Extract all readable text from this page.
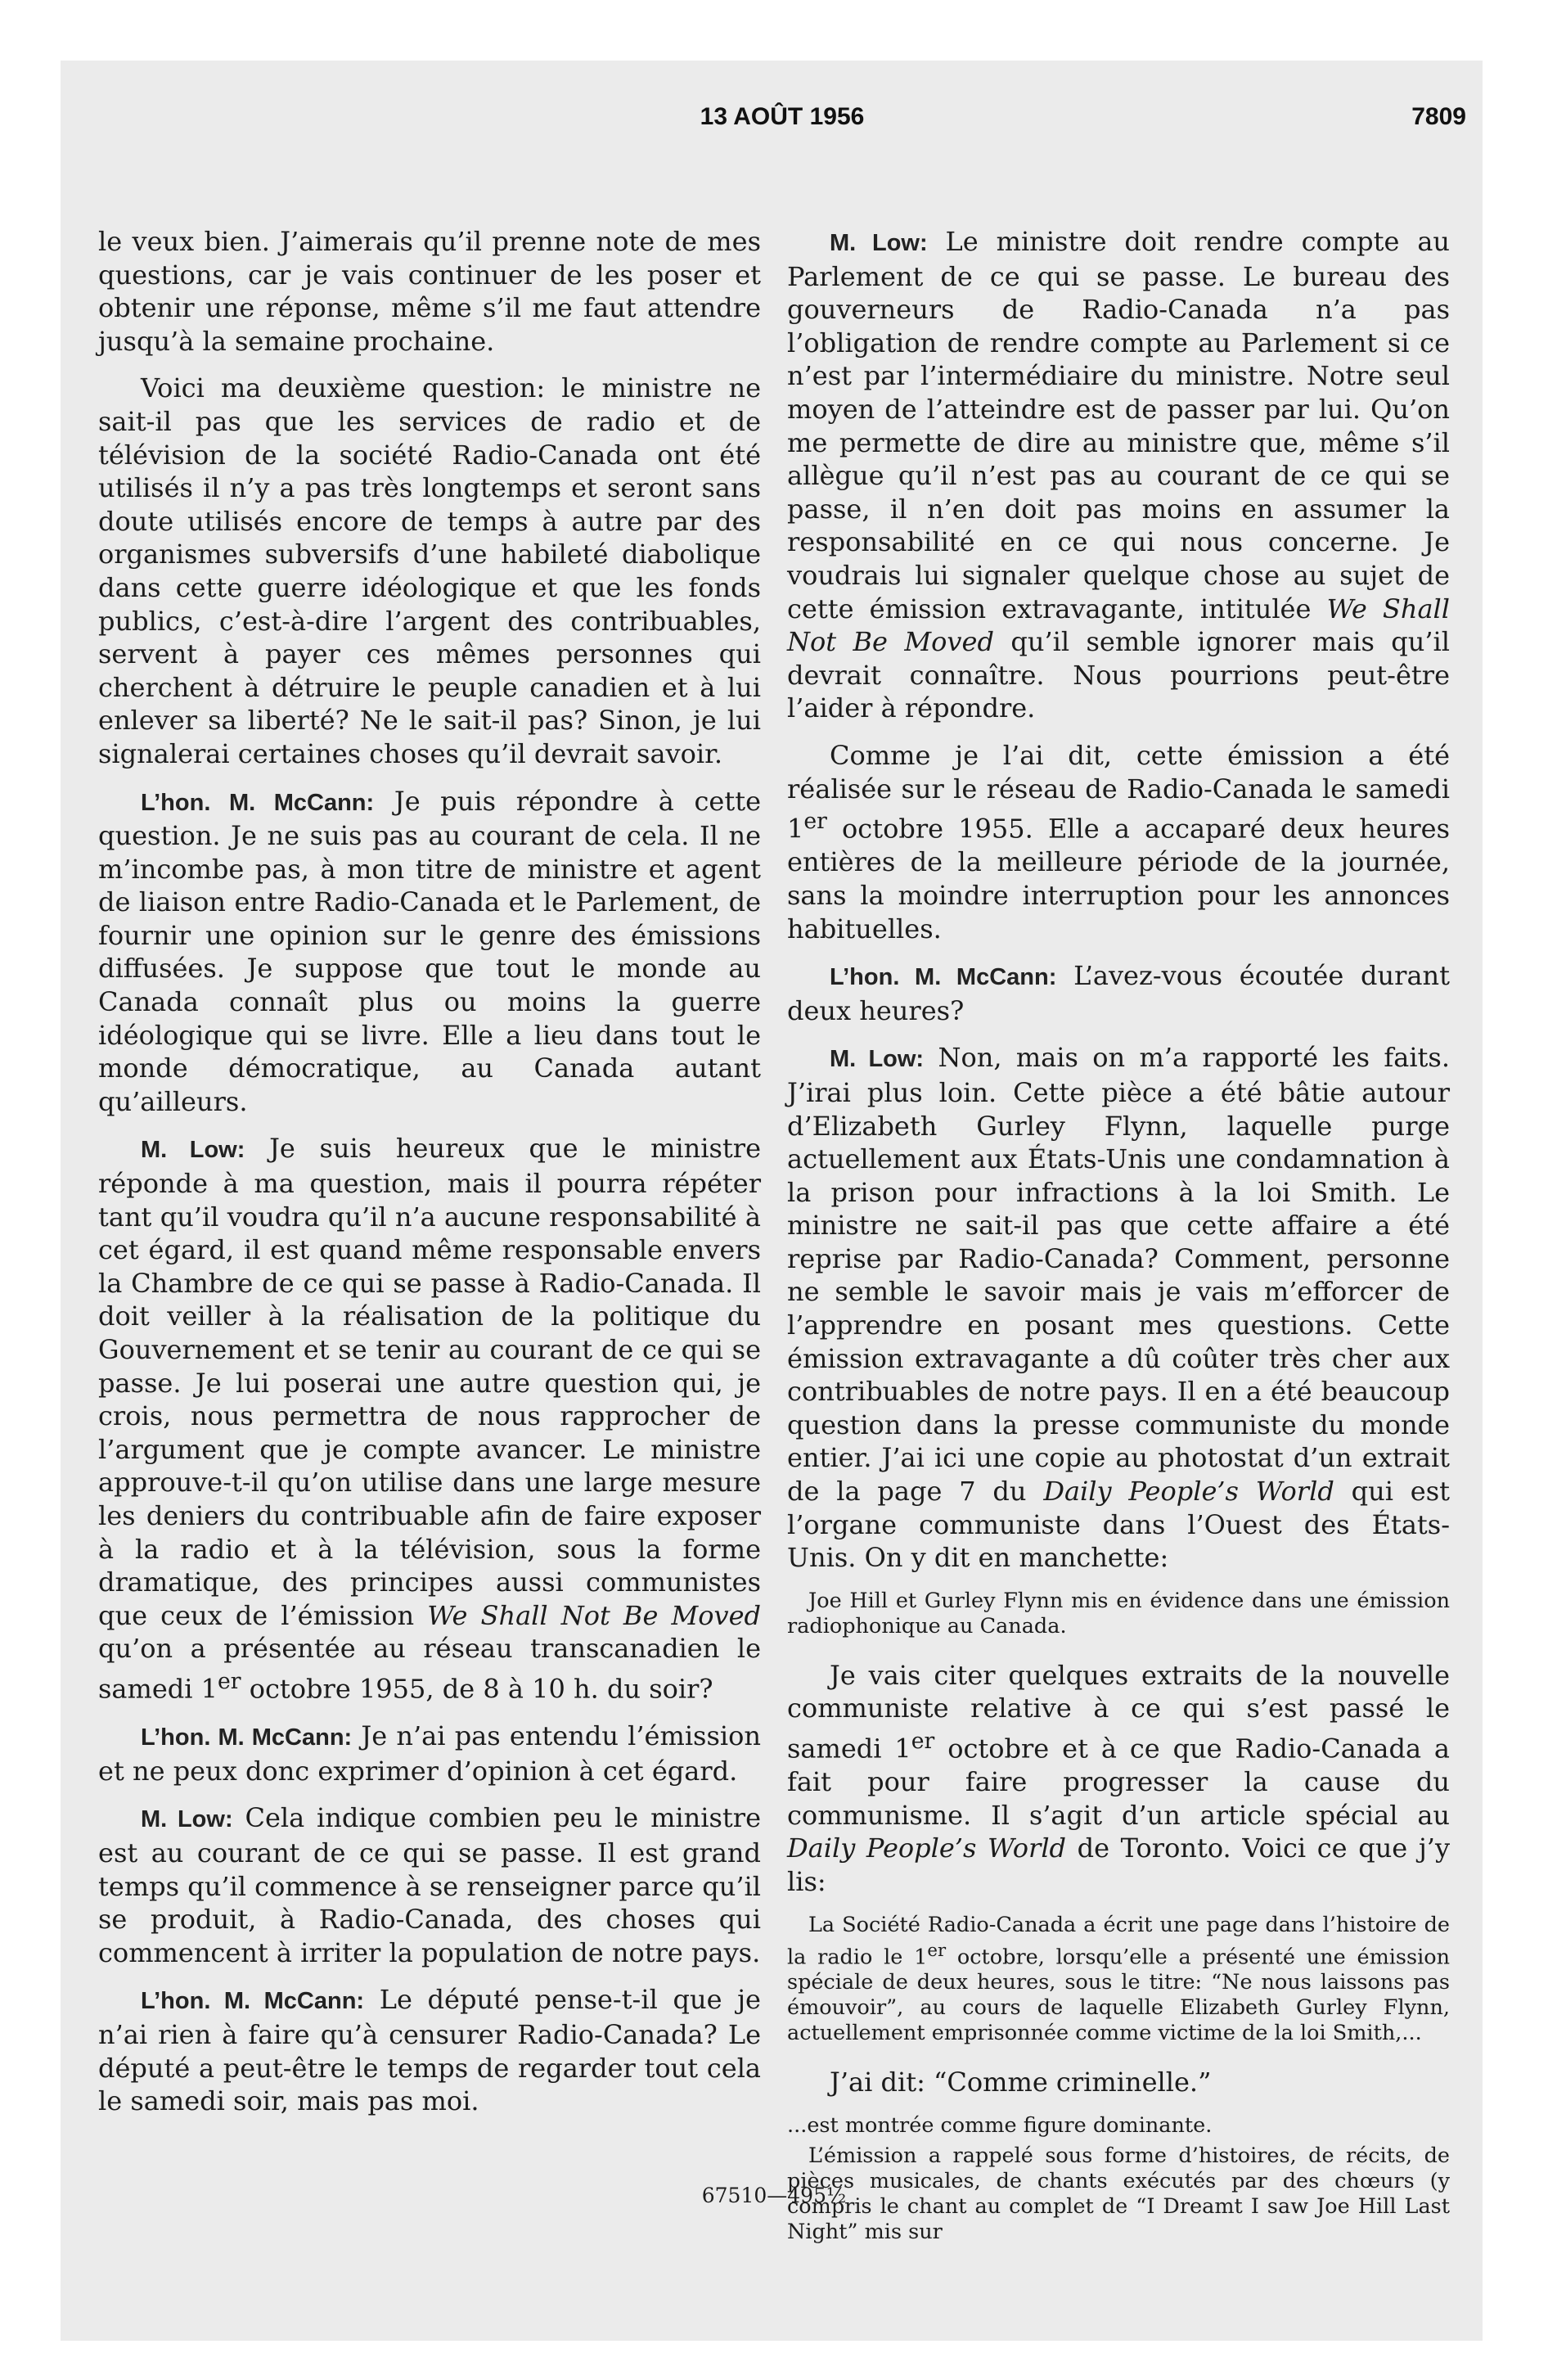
13 AOÛT 1956	7809

le veux bien. J’aimerais qu’il prenne note de mes questions, car je vais continuer de les poser et obtenir une réponse, même s’il me faut attendre jusqu’à la semaine prochaine.

Voici ma deuxième question: le ministre ne sait-il pas que les services de radio et de télévision de la société Radio-Canada ont été utilisés il n’y a pas très longtemps et seront sans doute utilisés encore de temps à autre par des organismes subversifs d’une habileté diabolique dans cette guerre idéologique et que les fonds publics, c’est-à-dire l’argent des contribuables, servent à payer ces mêmes personnes qui cherchent à détruire le peuple canadien et à lui enlever sa liberté? Ne le sait-il pas? Sinon, je lui signalerai certaines choses qu’il devrait savoir.

L’hon. M. McCann: Je puis répondre à cette question. Je ne suis pas au courant de cela. Il ne m’incombe pas, à mon titre de ministre et agent de liaison entre Radio-Canada et le Parlement, de fournir une opinion sur le genre des émissions diffusées. Je suppose que tout le monde au Canada connaît plus ou moins la guerre idéologique qui se livre. Elle a lieu dans tout le monde démocratique, au Canada autant qu’ailleurs.

M. Low: Je suis heureux que le ministre réponde à ma question, mais il pourra répéter tant qu’il voudra qu’il n’a aucune responsabilité à cet égard, il est quand même responsable envers la Chambre de ce qui se passe à Radio-Canada. Il doit veiller à la réalisation de la politique du Gouvernement et se tenir au courant de ce qui se passe. Je lui poserai une autre question qui, je crois, nous permettra de nous rapprocher de l’argument que je compte avancer. Le ministre approuve-t-il qu’on utilise dans une large mesure les deniers du contribuable afin de faire exposer à la radio et à la télévision, sous la forme dramatique, des principes aussi communistes que ceux de l’émission We Shall Not Be Moved qu’on a présentée au réseau transcanadien le samedi 1er octobre 1955, de 8 à 10 h. du soir?

L’hon. M. McCann: Je n’ai pas entendu l’émission et ne peux donc exprimer d’opinion à cet égard.

M. Low: Cela indique combien peu le ministre est au courant de ce qui se passe. Il est grand temps qu’il commence à se renseigner parce qu’il se produit, à Radio-Canada, des choses qui commencent à irriter la population de notre pays.

L’hon. M. McCann: Le député pense-t-il que je n’ai rien à faire qu’à censurer Radio-Canada? Le député a peut-être le temps de regarder tout cela le samedi soir, mais pas moi.

M. Low: Le ministre doit rendre compte au Parlement de ce qui se passe. Le bureau des gouverneurs de Radio-Canada n’a pas l’obligation de rendre compte au Parlement si ce n’est par l’intermédiaire du ministre. Notre seul moyen de l’atteindre est de passer par lui. Qu’on me permette de dire au ministre que, même s’il allègue qu’il n’est pas au courant de ce qui se passe, il n’en doit pas moins en assumer la responsabilité en ce qui nous concerne. Je voudrais lui signaler quelque chose au sujet de cette émission extravagante, intitulée We Shall Not Be Moved qu’il semble ignorer mais qu’il devrait connaître. Nous pourrions peut-être l’aider à répondre.

Comme je l’ai dit, cette émission a été réalisée sur le réseau de Radio-Canada le samedi 1er octobre 1955. Elle a accaparé deux heures entières de la meilleure période de la journée, sans la moindre interruption pour les annonces habituelles.

L’hon. M. McCann: L’avez-vous écoutée durant deux heures?

M. Low: Non, mais on m’a rapporté les faits. J’irai plus loin. Cette pièce a été bâtie autour d’Elizabeth Gurley Flynn, laquelle purge actuellement aux États-Unis une condamnation à la prison pour infractions à la loi Smith. Le ministre ne sait-il pas que cette affaire a été reprise par Radio-Canada? Comment, personne ne semble le savoir mais je vais m’efforcer de l’apprendre en posant mes questions. Cette émission extravagante a dû coûter très cher aux contribuables de notre pays. Il en a été beaucoup question dans la presse communiste du monde entier. J’ai ici une copie au photostat d’un extrait de la page 7 du Daily People’s World qui est l’organe communiste dans l’Ouest des États-Unis. On y dit en manchette:

Joe Hill et Gurley Flynn mis en évidence dans une émission radiophonique au Canada.

Je vais citer quelques extraits de la nouvelle communiste relative à ce qui s’est passé le samedi 1er octobre et à ce que Radio-Canada a fait pour faire progresser la cause du communisme. Il s’agit d’un article spécial au Daily People’s World de Toronto. Voici ce que j’y lis:

La Société Radio-Canada a écrit une page dans l’histoire de la radio le 1er octobre, lorsqu’elle a présenté une émission spéciale de deux heures, sous le titre: “Ne nous laissons pas émouvoir”, au cours de laquelle Elizabeth Gurley Flynn, actuellement emprisonnée comme victime de la loi Smith,...

J’ai dit: “Comme criminelle.”

...est montrée comme figure dominante.

L’émission a rappelé sous forme d’histoires, de récits, de pièces musicales, de chants exécutés par des chœurs (y compris le chant au complet de “I Dreamt I saw Joe Hill Last Night” mis sur

67510—495½
